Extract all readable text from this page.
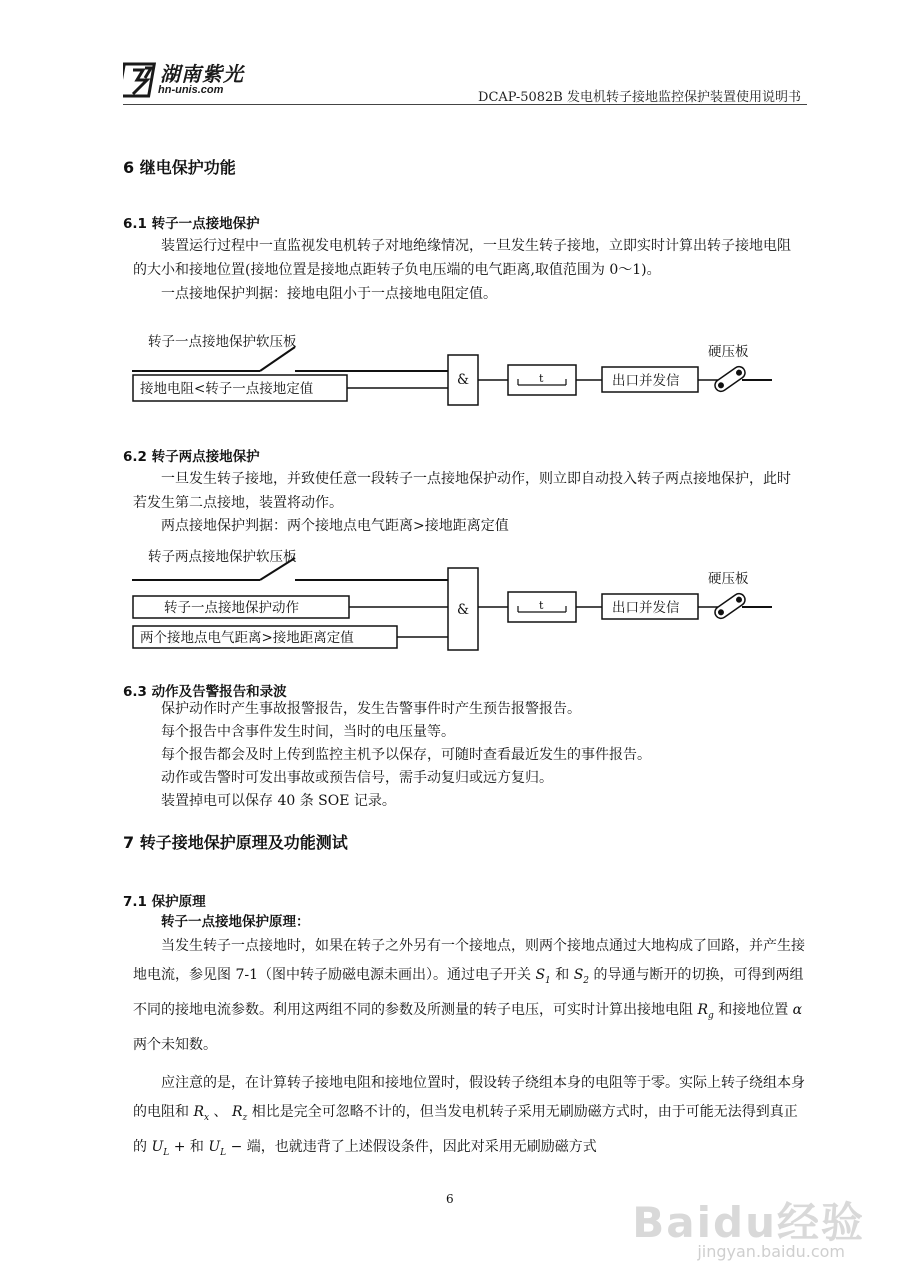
湖南紫光
hn-unis.com	DCAP-5082B 发电机转子接地监控保护装置使用说明书
6 继电保护功能
6.1 转子一点接地保护
装置运行过程中一直监视发电机转子对地绝缘情况，一旦发生转子接地，立即实时计算出转子接地电阻的大小和接地位置(接地位置是接地点距转子负电压端的电气距离,取值范围为 0～1)。
一点接地保护判据：接地电阻小于一点接地电阻定值。
转子一点接地保护软压板
接地电阻<转子一点接地定值
&	t	出口并发信
硬压板
6.2 转子两点接地保护
一旦发生转子接地，并致使任意一段转子一点接地保护动作，则立即自动投入转子两点接地保护，此时若发生第二点接地，装置将动作。
两点接地保护判据：两个接地点电气距离>接地距离定值
转子两点接地保护软压板
转子一点接地保护动作
两个接地点电气距离>接地距离定值
&	t	出口并发信
硬压板
6.3 动作及告警报告和录波
保护动作时产生事故报警报告，发生告警事件时产生预告报警报告。
每个报告中含事件发生时间，当时的电压量等。
每个报告都会及时上传到监控主机予以保存，可随时查看最近发生的事件报告。
动作或告警时可发出事故或预告信号，需手动复归或远方复归。
装置掉电可以保存 40 条 SOE 记录。
7 转子接地保护原理及功能测试
7.1 保护原理
转子一点接地保护原理：
当发生转子一点接地时，如果在转子之外另有一个接地点，则两个接地点通过大地构成了回路，并产生接地电流，参见图 7-1（图中转子励磁电源未画出）。通过电子开关 $S_1$ 和 $S_2$ 的导通与断开的切换，可得到两组不同的接地电流参数。利用这两组不同的参数及所测量的转子电压，可实时计算出接地电阻 $R_g$ 和接地位置 α 两个未知数。
应注意的是，在计算转子接地电阻和接地位置时，假设转子绕组本身的电阻等于零。实际上转子绕组本身的电阻和 $R_x$ 、 $R_z$ 相比是完全可忽略不计的，但当发电机转子采用无刷励磁方式时，由于可能无法得到真正的 $U_L$ + 和 $U_L$ − 端，也就违背了上述假设条件，因此对采用无刷励磁方式
6	Baidu经验
jingyan.baidu.com
